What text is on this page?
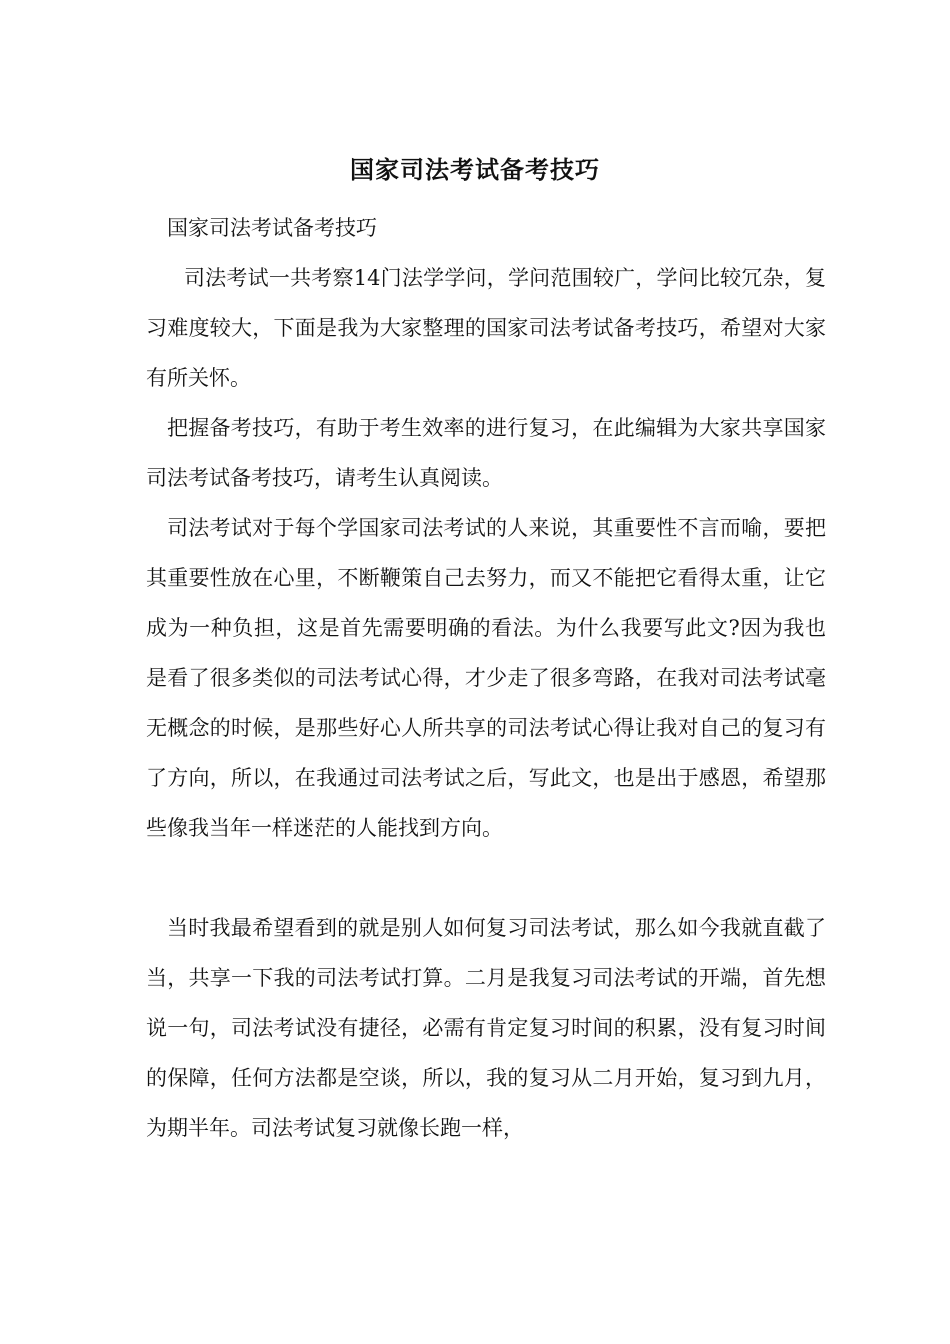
国家司法考试备考技巧

国家司法考试备考技巧

司法考试一共考察14门法学学问，学问范围较广，学问比较冗杂，复习难度较大，下面是我为大家整理的国家司法考试备考技巧，希望对大家有所关怀。

把握备考技巧，有助于考生效率的进行复习，在此编辑为大家共享国家司法考试备考技巧，请考生认真阅读。

司法考试对于每个学国家司法考试的人来说，其重要性不言而喻，要把其重要性放在心里，不断鞭策自己去努力，而又不能把它看得太重，让它成为一种负担，这是首先需要明确的看法。为什么我要写此文?因为我也是看了很多类似的司法考试心得，才少走了很多弯路，在我对司法考试毫无概念的时候，是那些好心人所共享的司法考试心得让我对自己的复习有了方向，所以，在我通过司法考试之后，写此文，也是出于感恩，希望那些像我当年一样迷茫的人能找到方向。

当时我最希望看到的就是别人如何复习司法考试，那么如今我就直截了当，共享一下我的司法考试打算。二月是我复习司法考试的开端，首先想说一句，司法考试没有捷径，必需有肯定复习时间的积累，没有复习时间的保障，任何方法都是空谈，所以，我的复习从二月开始，复习到九月，为期半年。司法考试复习就像长跑一样，
